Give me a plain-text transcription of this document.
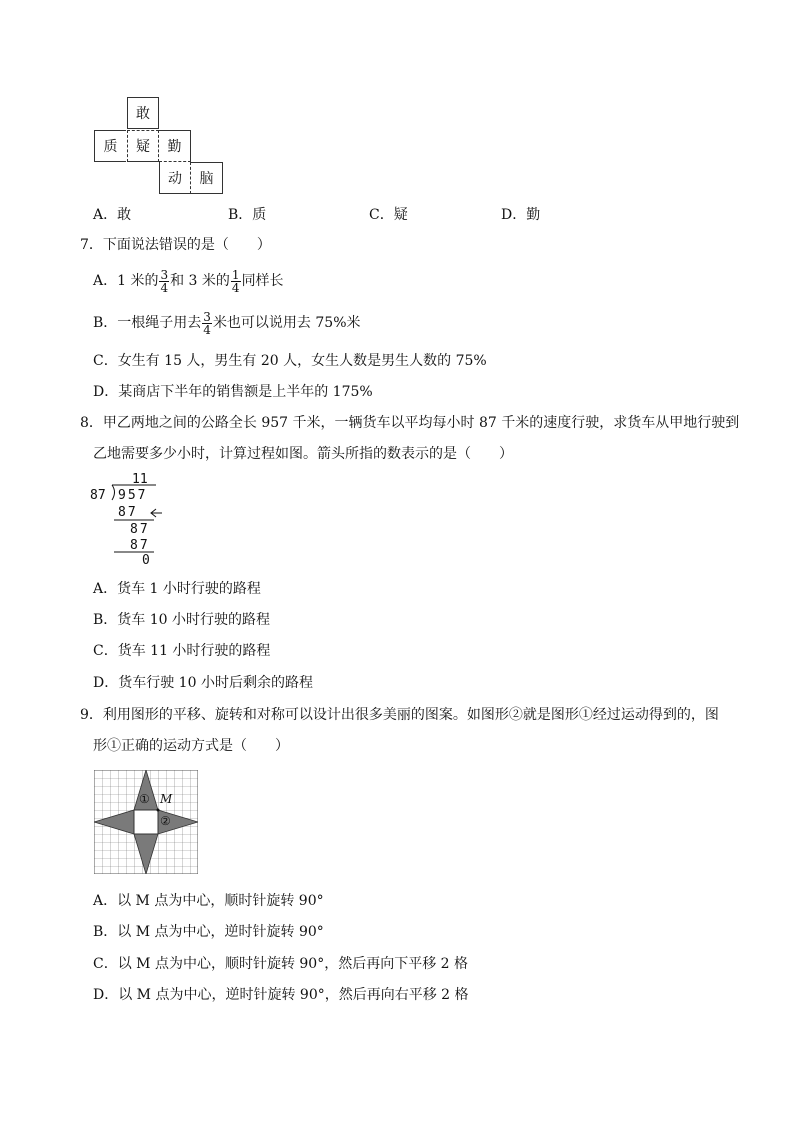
敢
质	疑	勤
动	脑
A．敢	B．质	C．疑	D．勤
7．下面说法错误的是（　　）
A．1 米的 $\frac{3}{4}$ 和 3 米的 $\frac{1}{4}$ 同样长
B．一根绳子用去 $\frac{3}{4}$ 米也可以说用去 75%米
C．女生有 15 人，男生有 20 人，女生人数是男生人数的 75%
D．某商店下半年的销售额是上半年的 175%
8．甲乙两地之间的公路全长 957 千米，一辆货车以平均每小时 87 千米的速度行驶，求货车从甲地行驶到
乙地需要多少小时，计算过程如图。箭头所指的数表示的是（　　）
11
87 957
87
87
87
0
A．货车 1 小时行驶的路程
B．货车 10 小时行驶的路程
C．货车 11 小时行驶的路程
D．货车行驶 10 小时后剩余的路程
9．利用图形的平移、旋转和对称可以设计出很多美丽的图案。如图形②就是图形①经过运动得到的，图
形①正确的运动方式是（　　）
① M
②
A．以 M 点为中心，顺时针旋转 90°
B．以 M 点为中心，逆时针旋转 90°
C．以 M 点为中心，顺时针旋转 90°，然后再向下平移 2 格
D．以 M 点为中心，逆时针旋转 90°，然后再向右平移 2 格
